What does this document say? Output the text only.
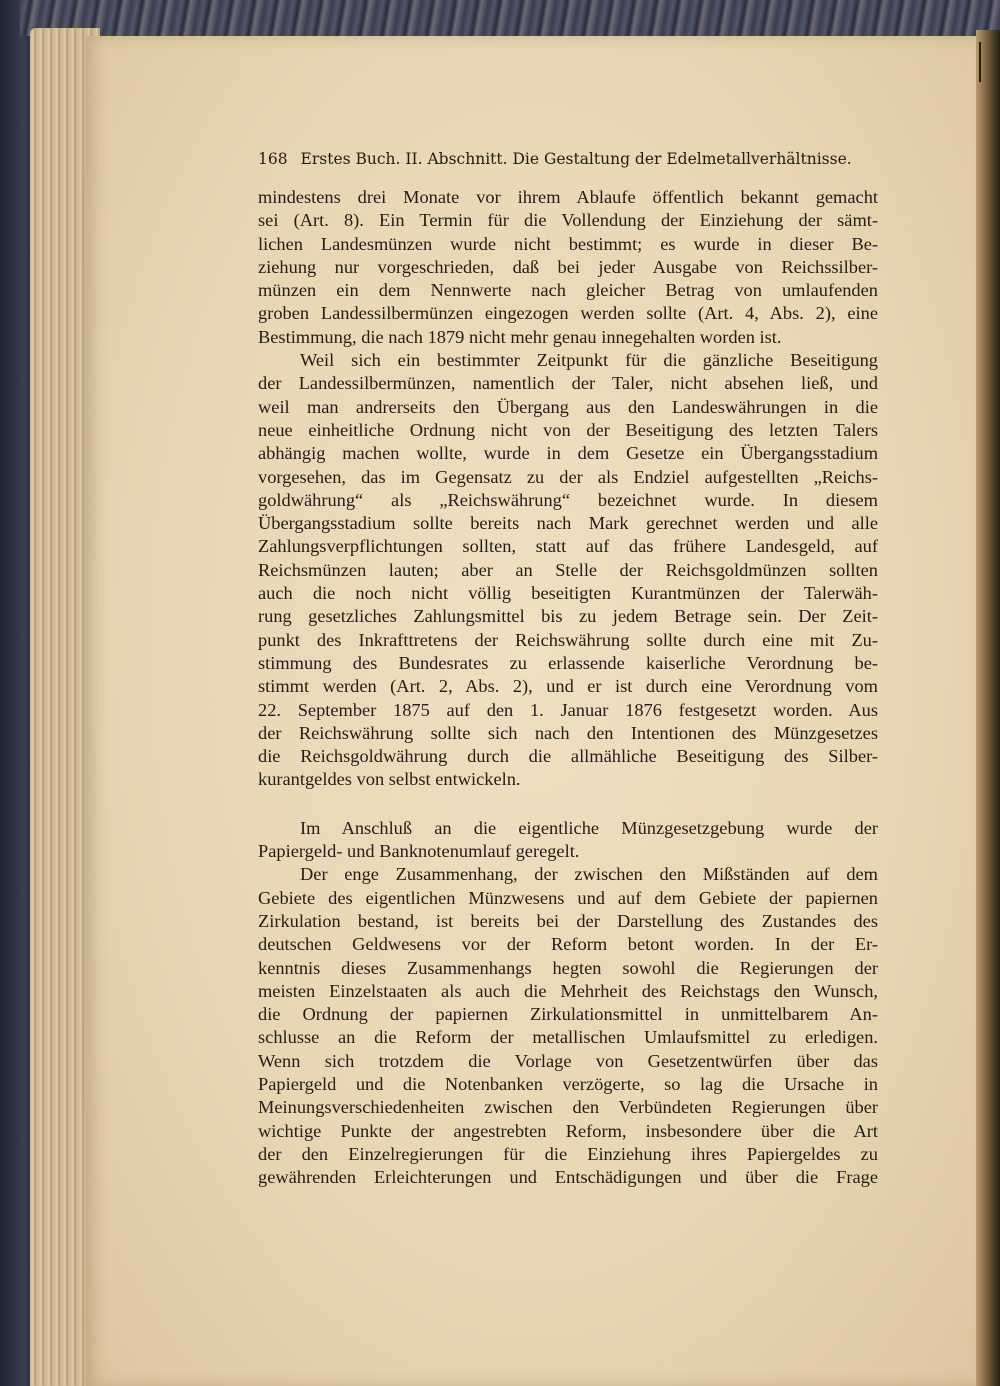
168 Erstes Buch. II. Abschnitt. Die Gestaltung der Edelmetallverhältnisse.
mindestens drei Monate vor ihrem Ablaufe öffentlich bekannt gemacht
sei (Art. 8). Ein Termin für die Vollendung der Einziehung der sämt-
lichen Landesmünzen wurde nicht bestimmt; es wurde in dieser Be-
ziehung nur vorgeschrieden, daß bei jeder Ausgabe von Reichssilber-
münzen ein dem Nennwerte nach gleicher Betrag von umlaufenden
groben Landessilbermünzen eingezogen werden sollte (Art. 4, Abs. 2), eine
Bestimmung, die nach 1879 nicht mehr genau innegehalten worden ist.
Weil sich ein bestimmter Zeitpunkt für die gänzliche Beseitigung
der Landessilbermünzen, namentlich der Taler, nicht absehen ließ, und
weil man andrerseits den Übergang aus den Landeswährungen in die
neue einheitliche Ordnung nicht von der Beseitigung des letzten Talers
abhängig machen wollte, wurde in dem Gesetze ein Übergangsstadium
vorgesehen, das im Gegensatz zu der als Endziel aufgestellten „Reichs-
goldwährung“ als „Reichswährung“ bezeichnet wurde. In diesem
Übergangsstadium sollte bereits nach Mark gerechnet werden und alle
Zahlungsverpflichtungen sollten, statt auf das frühere Landesgeld, auf
Reichsmünzen lauten; aber an Stelle der Reichsgoldmünzen sollten
auch die noch nicht völlig beseitigten Kurantmünzen der Talerwäh-
rung gesetzliches Zahlungsmittel bis zu jedem Betrage sein. Der Zeit-
punkt des Inkrafttretens der Reichswährung sollte durch eine mit Zu-
stimmung des Bundesrates zu erlassende kaiserliche Verordnung be-
stimmt werden (Art. 2, Abs. 2), und er ist durch eine Verordnung vom
22. September 1875 auf den 1. Januar 1876 festgesetzt worden. Aus
der Reichswährung sollte sich nach den Intentionen des Münzgesetzes
die Reichsgoldwährung durch die allmähliche Beseitigung des Silber-
kurantgeldes von selbst entwickeln.
Im Anschluß an die eigentliche Münzgesetzgebung wurde der
Papiergeld- und Banknotenumlauf geregelt.
Der enge Zusammenhang, der zwischen den Mißständen auf dem
Gebiete des eigentlichen Münzwesens und auf dem Gebiete der papiernen
Zirkulation bestand, ist bereits bei der Darstellung des Zustandes des
deutschen Geldwesens vor der Reform betont worden. In der Er-
kenntnis dieses Zusammenhangs hegten sowohl die Regierungen der
meisten Einzelstaaten als auch die Mehrheit des Reichstags den Wunsch,
die Ordnung der papiernen Zirkulationsmittel in unmittelbarem An-
schlusse an die Reform der metallischen Umlaufsmittel zu erledigen.
Wenn sich trotzdem die Vorlage von Gesetzentwürfen über das
Papiergeld und die Notenbanken verzögerte, so lag die Ursache in
Meinungsverschiedenheiten zwischen den Verbündeten Regierungen über
wichtige Punkte der angestrebten Reform, insbesondere über die Art
der den Einzelregierungen für die Einziehung ihres Papiergeldes zu
gewährenden Erleichterungen und Entschädigungen und über die Frage
